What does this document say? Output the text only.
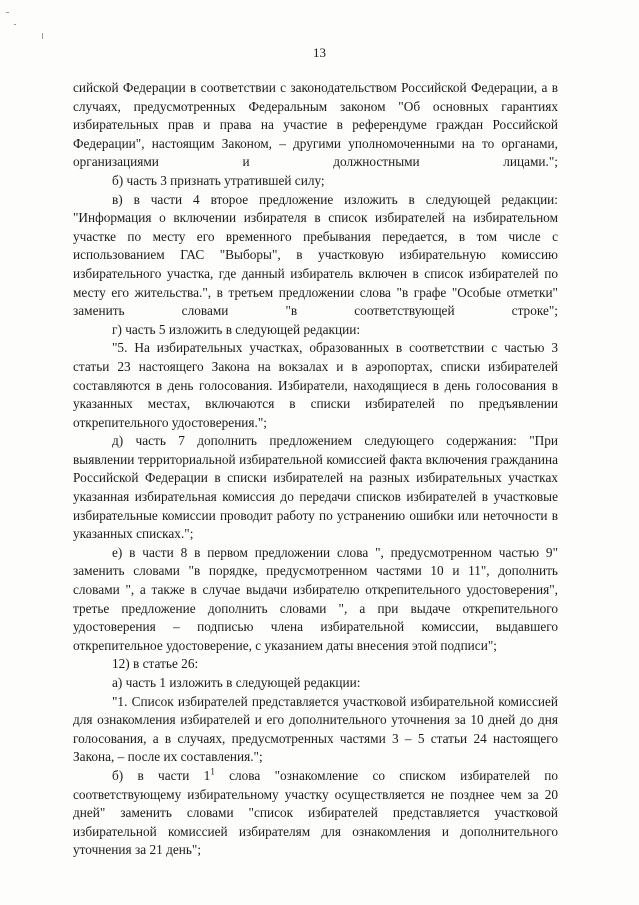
13

сийской Федерации в соответствии с законодательством Российской Федерации, а в случаях, предусмотренных Федеральным законом "Об основных гарантиях избирательных прав и права на участие в референдуме граждан Российской Федерации", настоящим Законом, – другими уполномоченными на то органами, организациями и должностными лицами.";

б) часть 3 признать утратившей силу;

в) в части 4 второе предложение изложить в следующей редакции: "Информация о включении избирателя в список избирателей на избирательном участке по месту его временного пребывания передается, в том числе с использованием ГАС "Выборы", в участковую избирательную комиссию избирательного участка, где данный избиратель включен в список избирателей по месту его жительства.", в третьем предложении слова "в графе "Особые отметки" заменить словами "в соответствующей строке";

г) часть 5 изложить в следующей редакции:

"5. На избирательных участках, образованных в соответствии с частью 3 статьи 23 настоящего Закона на вокзалах и в аэропортах, списки избирателей составляются в день голосования. Избиратели, находящиеся в день голосования в указанных местах, включаются в списки избирателей по предъявлении открепительного удостоверения.";

д) часть 7 дополнить предложением следующего содержания: "При выявлении территориальной избирательной комиссией факта включения гражданина Российской Федерации в списки избирателей на разных избирательных участках указанная избирательная комиссия до передачи списков избирателей в участковые избирательные комиссии проводит работу по устранению ошибки или неточности в указанных списках.";

е) в части 8 в первом предложении слова ", предусмотренном частью 9" заменить словами "в порядке, предусмотренном частями 10 и 11", дополнить словами ", а также в случае выдачи избирателю открепительного удостоверения", третье предложение дополнить словами ", а при выдаче открепительного удостоверения – подписью члена избирательной комиссии, выдавшего открепительное удостоверение, с указанием даты внесения этой подписи";

12) в статье 26:

а) часть 1 изложить в следующей редакции:

"1. Список избирателей представляется участковой избирательной комиссией для ознакомления избирателей и его дополнительного уточнения за 10 дней до дня голосования, а в случаях, предусмотренных частями 3 – 5 статьи 24 настоящего Закона, – после их составления.";

б) в части $1^1$ слова "ознакомление со списком избирателей по соответствующему избирательному участку осуществляется не позднее чем за 20 дней" заменить словами "список избирателей представляется участковой избирательной комиссией избирателям для ознакомления и дополнительного уточнения за 21 день";
